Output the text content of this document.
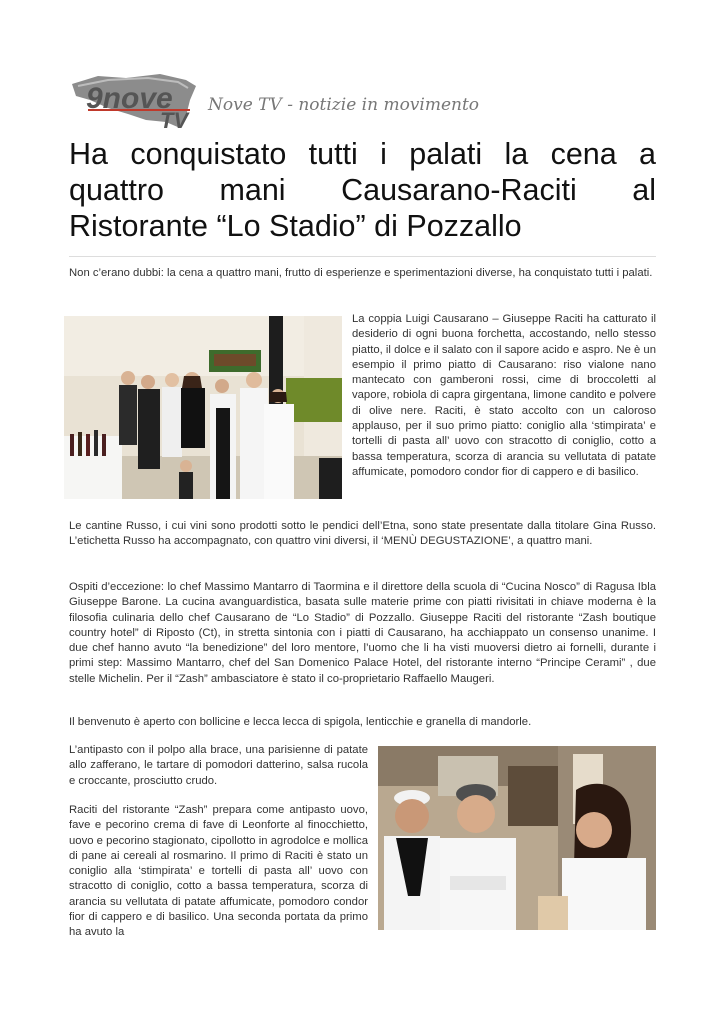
9nove
TV
Nove TV - notizie in movimento
Ha conquistato tutti i palati la cena a
quattro mani Causarano-Raciti al
Ristorante “Lo Stadio” di Pozzallo

Non c’erano dubbi: la cena a quattro mani, frutto di esperienze e sperimentazioni diverse, ha conquistato tutti i palati.

La coppia Luigi Causarano – Giuseppe Raciti ha catturato il desiderio di ogni buona forchetta, accostando, nello stesso piatto, il dolce e il salato con il sapore acido e aspro. Ne è un esempio il primo piatto di Causarano: riso vialone nano mantecato con gamberoni rossi, cime di broccoletti al vapore, robiola di capra girgentana, limone candito e polvere di olive nere. Raciti, è stato accolto con un caloroso applauso, per il suo primo piatto: coniglio alla ‘stimpirata’ e tortelli di pasta all’ uovo con stracotto di coniglio, cotto a bassa temperatura, scorza di arancia su vellutata di patate affumicate, pomodoro condor fior di cappero e di basilico.

Le cantine Russo, i cui vini sono prodotti sotto le pendici dell’Etna, sono state presentate dalla titolare Gina Russo. L’etichetta Russo ha accompagnato, con quattro vini diversi, il ‘MENÙ DEGUSTAZIONE’, a quattro mani.

Ospiti d’eccezione: lo chef Massimo Mantarro di Taormina e il direttore della scuola di “Cucina Nosco” di Ragusa Ibla Giuseppe Barone. La cucina avanguardistica, basata sulle materie prime con piatti rivisitati in chiave moderna è la filosofia culinaria dello chef Causarano de “Lo Stadio” di Pozzallo. Giuseppe Raciti del ristorante “Zash boutique country hotel” di Riposto (Ct), in stretta sintonia con i piatti di Causarano, ha acchiappato un consenso unanime. I due chef hanno avuto “la benedizione” del loro mentore, l’uomo che li ha visti muoversi dietro ai fornelli, durante i primi step: Massimo Mantarro, chef del San Domenico Palace Hotel, del ristorante interno “Principe Cerami” , due stelle Michelin. Per il “Zash” ambasciatore è stato il co-proprietario Raffaello Maugeri.

Il benvenuto è aperto con bollicine e lecca lecca di spigola, lenticchie e granella di mandorle.

L’antipasto con il polpo alla brace, una parisienne di patate allo zafferano, le tartare di pomodori datterino, salsa rucola e croccante, prosciutto crudo.

Raciti del ristorante “Zash” prepara come antipasto uovo, fave e pecorino crema di fave di Leonforte al finocchietto, uovo e pecorino stagionato, cipollotto in agrodolce e mollica di pane ai cereali al rosmarino. Il primo di Raciti è stato un coniglio alla ‘stimpirata’ e tortelli di pasta all’ uovo con stracotto di coniglio, cotto a bassa temperatura, scorza di arancia su vellutata di patate affumicate, pomodoro condor fior di cappero e di basilico. Una seconda portata da primo ha avuto la
